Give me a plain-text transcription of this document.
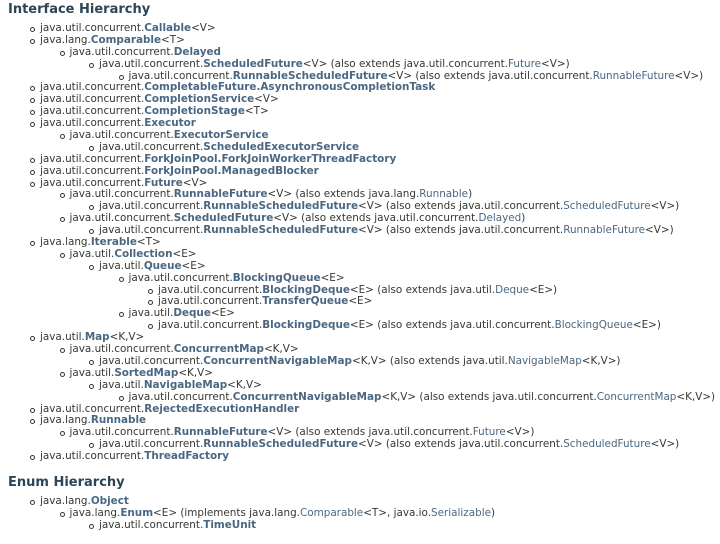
Interface Hierarchy
java.util.concurrent.Callable<V>
java.lang.Comparable<T>
java.util.concurrent.Delayed
java.util.concurrent.ScheduledFuture<V> (also extends java.util.concurrent.Future<V>)
java.util.concurrent.RunnableScheduledFuture<V> (also extends java.util.concurrent.RunnableFuture<V>)
java.util.concurrent.CompletableFuture.AsynchronousCompletionTask
java.util.concurrent.CompletionService<V>
java.util.concurrent.CompletionStage<T>
java.util.concurrent.Executor
java.util.concurrent.ExecutorService
java.util.concurrent.ScheduledExecutorService
java.util.concurrent.ForkJoinPool.ForkJoinWorkerThreadFactory
java.util.concurrent.ForkJoinPool.ManagedBlocker
java.util.concurrent.Future<V>
java.util.concurrent.RunnableFuture<V> (also extends java.lang.Runnable)
java.util.concurrent.RunnableScheduledFuture<V> (also extends java.util.concurrent.ScheduledFuture<V>)
java.util.concurrent.ScheduledFuture<V> (also extends java.util.concurrent.Delayed)
java.util.concurrent.RunnableScheduledFuture<V> (also extends java.util.concurrent.RunnableFuture<V>)
java.lang.Iterable<T>
java.util.Collection<E>
java.util.Queue<E>
java.util.concurrent.BlockingQueue<E>
java.util.concurrent.BlockingDeque<E> (also extends java.util.Deque<E>)
java.util.concurrent.TransferQueue<E>
java.util.Deque<E>
java.util.concurrent.BlockingDeque<E> (also extends java.util.concurrent.BlockingQueue<E>)
java.util.Map<K,V>
java.util.concurrent.ConcurrentMap<K,V>
java.util.concurrent.ConcurrentNavigableMap<K,V> (also extends java.util.NavigableMap<K,V>)
java.util.SortedMap<K,V>
java.util.NavigableMap<K,V>
java.util.concurrent.ConcurrentNavigableMap<K,V> (also extends java.util.concurrent.ConcurrentMap<K,V>)
java.util.concurrent.RejectedExecutionHandler
java.lang.Runnable
java.util.concurrent.RunnableFuture<V> (also extends java.util.concurrent.Future<V>)
java.util.concurrent.RunnableScheduledFuture<V> (also extends java.util.concurrent.ScheduledFuture<V>)
java.util.concurrent.ThreadFactory
Enum Hierarchy
java.lang.Object
java.lang.Enum<E> (implements java.lang.Comparable<T>, java.io.Serializable)
java.util.concurrent.TimeUnit
